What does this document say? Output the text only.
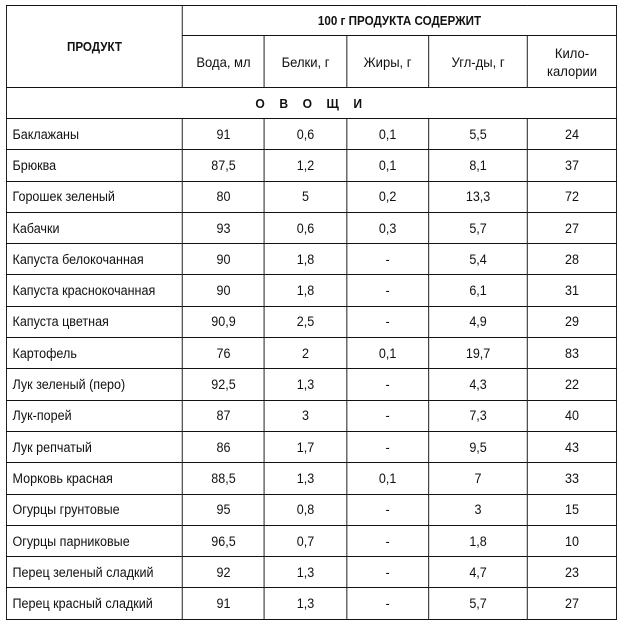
ПРОДУКТ	100 г ПРОДУКТА СОДЕРЖИТ				
	Вода, мл	Белки, г	Жиры, г	Угл-ды, г	Кило-
калории
О В О Щ И					
Баклажаны	91	0,6	0,1	5,5	24
Брюква	87,5	1,2	0,1	8,1	37
Горошек зеленый	80	5	0,2	13,3	72
Кабачки	93	0,6	0,3	5,7	27
Капуста белокочанная	90	1,8	-	5,4	28
Капуста краснокочанная	90	1,8	-	6,1	31
Капуста цветная	90,9	2,5	-	4,9	29
Картофель	76	2	0,1	19,7	83
Лук зеленый (перо)	92,5	1,3	-	4,3	22
Лук-порей	87	3	-	7,3	40
Лук репчатый	86	1,7	-	9,5	43
Морковь красная	88,5	1,3	0,1	7	33
Огурцы грунтовые	95	0,8	-	3	15
Огурцы парниковые	96,5	0,7	-	1,8	10
Перец зеленый сладкий	92	1,3	-	4,7	23
Перец красный сладкий	91	1,3	-	5,7	27
